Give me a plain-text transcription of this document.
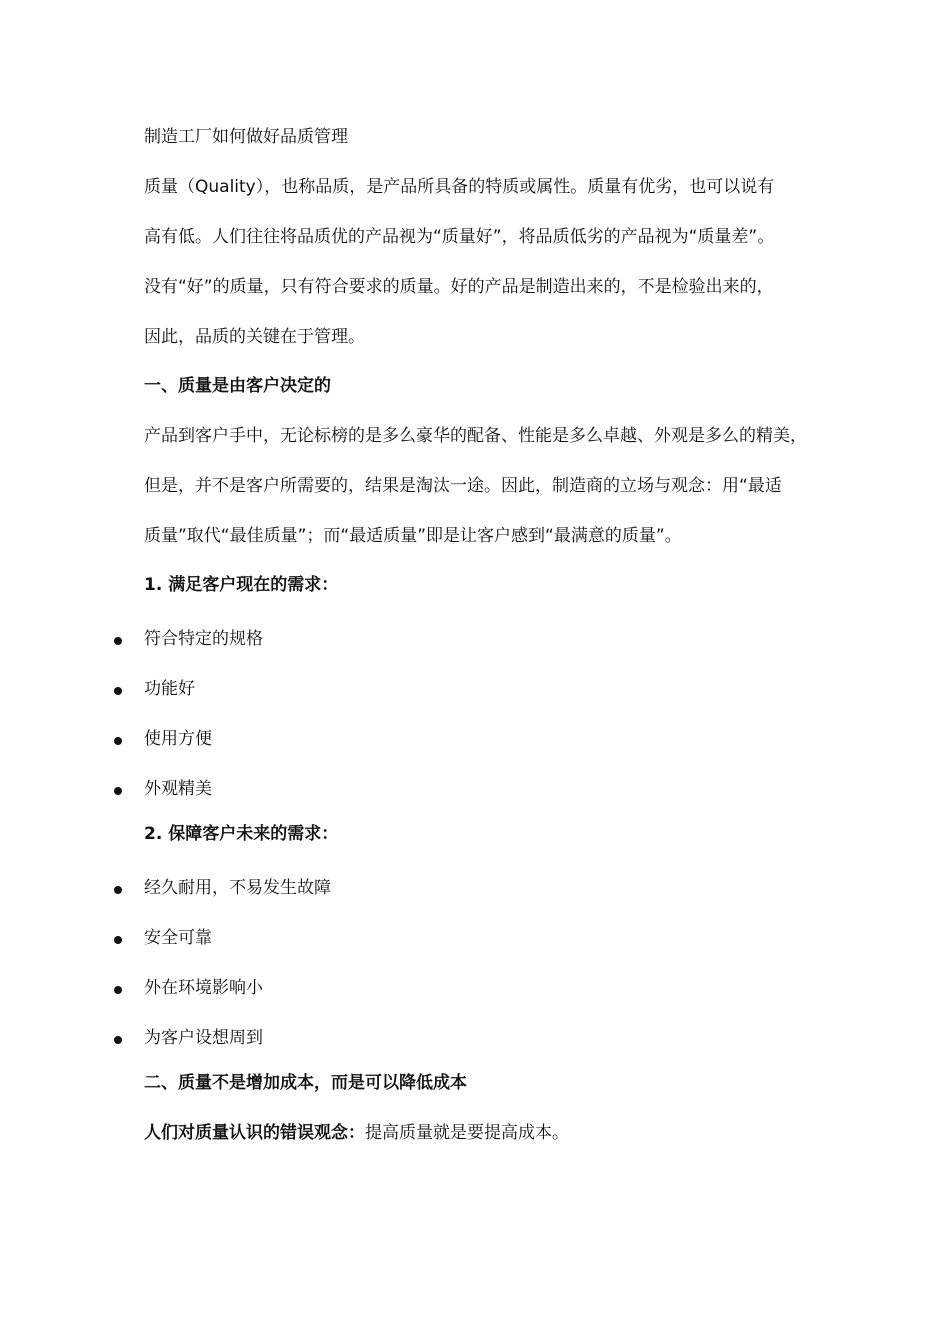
制造工厂如何做好品质管理
质量（Quality），也称品质，是产品所具备的特质或属性。质量有优劣，也可以说有
高有低。人们往往将品质优的产品视为“质量好”，将品质低劣的产品视为“质量差”。
没有“好”的质量，只有符合要求的质量。好的产品是制造出来的，不是检验出来的，
因此，品质的关键在于管理。
一、质量是由客户决定的
产品到客户手中，无论标榜的是多么豪华的配备、性能是多么卓越、外观是多么的精美，
但是，并不是客户所需要的，结果是淘汰一途。因此，制造商的立场与观念：用“最适
质量”取代“最佳质量”；而“最适质量”即是让客户感到“最满意的质量”。
1. 满足客户现在的需求：
符合特定的规格
功能好
使用方便
外观精美
2. 保障客户未来的需求：
经久耐用，不易发生故障
安全可靠
外在环境影响小
为客户设想周到
二、质量不是增加成本，而是可以降低成本
人们对质量认识的错误观念：提高质量就是要提高成本。
